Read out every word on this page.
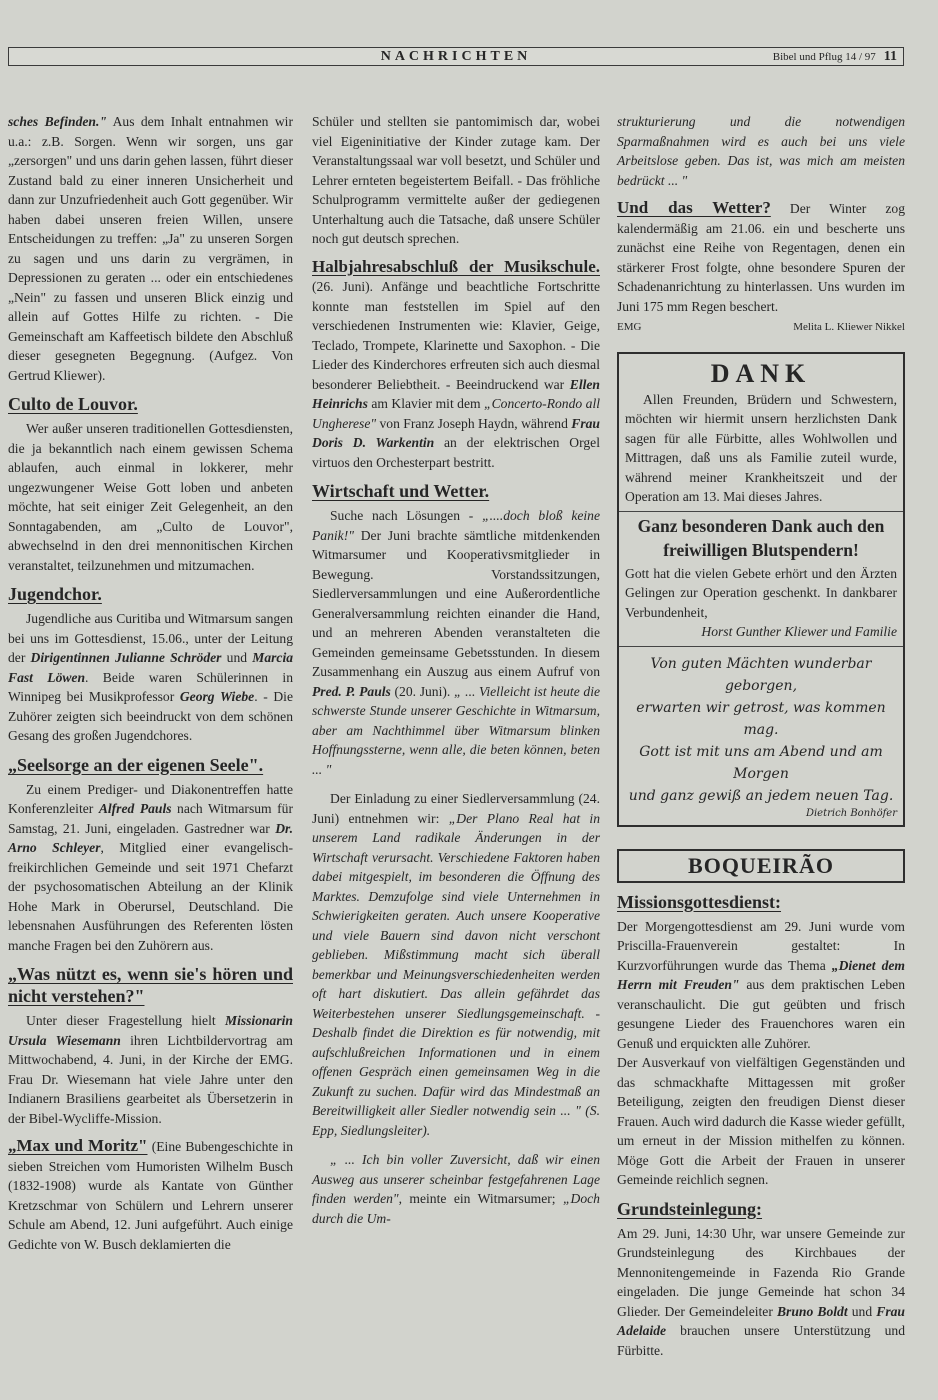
NACHRICHTEN	Bibel und Pflug 14 / 97 11

sches Befinden." Aus dem Inhalt entnahmen wir u.a.: z.B. Sorgen. Wenn wir sorgen, uns gar „zersorgen" und uns darin gehen lassen, führt dieser Zustand bald zu einer inneren Unsicherheit und dann zur Unzufriedenheit auch Gott gegenüber. Wir haben dabei unseren freien Willen, unsere Entscheidungen zu treffen: „Ja" zu unseren Sorgen zu sagen und uns darin zu vergrämen, in Depressionen zu geraten ... oder ein entschiedenes „Nein" zu fassen und unseren Blick einzig und allein auf Gottes Hilfe zu richten. - Die Gemeinschaft am Kaffeetisch bildete den Abschluß dieser gesegneten Begegnung. (Aufgez. Von Gertrud Kliewer).

Culto de Louvor.

Wer außer unseren traditionellen Gottesdiensten, die ja bekanntlich nach einem gewissen Schema ablaufen, auch einmal in lokkerer, mehr ungezwungener Weise Gott loben und anbeten möchte, hat seit einiger Zeit Gelegenheit, an den Sonntagabenden, am „Culto de Louvor", abwechselnd in den drei mennonitischen Kirchen veranstaltet, teilzunehmen und mitzumachen.

Jugendchor.

Jugendliche aus Curitiba und Witmarsum sangen bei uns im Gottesdienst, 15.06., unter der Leitung der Dirigentinnen Julianne Schröder und Marcia Fast Löwen. Beide waren Schülerinnen in Winnipeg bei Musikprofessor Georg Wiebe. - Die Zuhörer zeigten sich beeindruckt von dem schönen Gesang des großen Jugendchores.

„Seelsorge an der eigenen Seele".

Zu einem Prediger- und Diakonentreffen hatte Konferenzleiter Alfred Pauls nach Witmarsum für Samstag, 21. Juni, eingeladen. Gastredner war Dr. Arno Schleyer, Mitglied einer evangelisch-freikirchlichen Gemeinde und seit 1971 Chefarzt der psychosomatischen Abteilung an der Klinik Hohe Mark in Oberursel, Deutschland. Die lebensnahen Ausführungen des Referenten lösten manche Fragen bei den Zuhörern aus.

„Was nützt es, wenn sie's hören und nicht verstehen?"

Unter dieser Fragestellung hielt Missionarin Ursula Wiesemann ihren Lichtbildervortrag am Mittwochabend, 4. Juni, in der Kirche der EMG. Frau Dr. Wiesemann hat viele Jahre unter den Indianern Brasiliens gearbeitet als Übersetzerin in der Bibel-Wycliffe-Mission.

„Max und Moritz" (Eine Bubengeschichte in sieben Streichen vom Humoristen Wilhelm Busch (1832-1908) wurde als Kantate von Günther Kretzschmar von Schülern und Lehrern unserer Schule am Abend, 12. Juni aufgeführt. Auch einige Gedichte von W. Busch deklamierten die

Schüler und stellten sie pantomimisch dar, wobei viel Eigeninitiative der Kinder zutage kam. Der Veranstaltungssaal war voll besetzt, und Schüler und Lehrer ernteten begeistertem Beifall. - Das fröhliche Schulprogramm vermittelte außer der gediegenen Unterhaltung auch die Tatsache, daß unsere Schüler noch gut deutsch sprechen.

Halbjahresabschluß der Musikschule. (26. Juni). Anfänge und beachtliche Fortschritte konnte man feststellen im Spiel auf den verschiedenen Instrumenten wie: Klavier, Geige, Teclado, Trompete, Klarinette und Saxophon. - Die Lieder des Kinderchores erfreuten sich auch diesmal besonderer Beliebtheit. - Beeindruckend war Ellen Heinrichs am Klavier mit dem „Concerto-Rondo all Ungherese" von Franz Joseph Haydn, während Frau Doris D. Warkentin an der elektrischen Orgel virtuos den Orchesterpart bestritt.

Wirtschaft und Wetter.

Suche nach Lösungen - „....doch bloß keine Panik!" Der Juni brachte sämtliche mitdenkenden Witmarsumer und Kooperativsmitglieder in Bewegung. Vorstandssitzungen, Siedlerversammlungen und eine Außerordentliche Generalversammlung reichten einander die Hand, und an mehreren Abenden veranstalteten die Gemeinden gemeinsame Gebetsstunden. In diesem Zusammenhang ein Auszug aus einem Aufruf von Pred. P. Pauls (20. Juni). „ ... Vielleicht ist heute die schwerste Stunde unserer Geschichte in Witmarsum, aber am Nachthimmel über Witmarsum blinken Hoffnungssterne, wenn alle, die beten können, beten ... "

Der Einladung zu einer Siedlerversammlung (24. Juni) entnehmen wir: „Der Plano Real hat in unserem Land radikale Änderungen in der Wirtschaft verursacht. Verschiedene Faktoren haben dabei mitgespielt, im besonderen die Öffnung des Marktes. Demzufolge sind viele Unternehmen in Schwierigkeiten geraten. Auch unsere Kooperative und viele Bauern sind davon nicht verschont geblieben. Mißstimmung macht sich überall bemerkbar und Meinungsverschiedenheiten werden oft hart diskutiert. Das allein gefährdet das Weiterbestehen unserer Siedlungsgemeinschaft. - Deshalb findet die Direktion es für notwendig, mit aufschlußreichen Informationen und in einem offenen Gespräch einen gemeinsamen Weg in die Zukunft zu suchen. Dafür wird das Mindestmaß an Bereitwilligkeit aller Siedler notwendig sein ... " (S. Epp, Siedlungsleiter).

„ ... Ich bin voller Zuversicht, daß wir einen Ausweg aus unserer scheinbar festgefahrenen Lage finden werden", meinte ein Witmarsumer; „Doch durch die Um-

strukturierung und die notwendigen Sparmaßnahmen wird es auch bei uns viele Arbeitslose geben. Das ist, was mich am meisten bedrückt ... "

Und das Wetter? Der Winter zog kalendermäßig am 21.06. ein und bescherte uns zunächst eine Reihe von Regentagen, denen ein stärkerer Frost folgte, ohne besondere Spuren der Schadenanrichtung zu hinterlassen. Uns wurden im Juni 175 mm Regen beschert.

EMG	Melita L. Kliewer Nikkel
DANK

Allen Freunden, Brüdern und Schwestern, möchten wir hiermit unsern herzlichsten Dank sagen für alle Fürbitte, alles Wohlwollen und Mittragen, daß uns als Familie zuteil wurde, während meiner Krankheitszeit und der Operation am 13. Mai dieses Jahres.

Ganz besonderen Dank auch den freiwilligen Blutspendern!

Gott hat die vielen Gebete erhört und den Ärzten Gelingen zur Operation geschenkt. In dankbarer Verbundenheit,

Horst Gunther Kliewer und Familie
Von guten Mächten wunderbar geborgen,
erwarten wir getrost, was kommen mag.
Gott ist mit uns am Abend und am Morgen
und ganz gewiß an jedem neuen Tag.
Dietrich Bonhöfer
BOQUEIRÃO
Missionsgottesdienst:

Der Morgengottesdienst am 29. Juni wurde vom Priscilla-Frauenverein gestaltet: In Kurzvorführungen wurde das Thema „Dienet dem Herrn mit Freuden" aus dem praktischen Leben veranschaulicht. Die gut geübten und frisch gesungene Lieder des Frauenchores waren ein Genuß und erquickten alle Zuhörer.

Der Ausverkauf von vielfältigen Gegenständen und das schmackhafte Mittagessen mit großer Beteiligung, zeigten den freudigen Dienst dieser Frauen. Auch wird dadurch die Kasse wieder gefüllt, um erneut in der Mission mithelfen zu können. Möge Gott die Arbeit der Frauen in unserer Gemeinde reichlich segnen.

Grundsteinlegung:

Am 29. Juni, 14:30 Uhr, war unsere Gemeinde zur Grundsteinlegung des Kirchbaues der Mennonitengemeinde in Fazenda Rio Grande eingeladen. Die junge Gemeinde hat schon 34 Glieder. Der Gemeindeleiter Bruno Boldt und Frau Adelaide brauchen unsere Unterstützung und Fürbitte.
